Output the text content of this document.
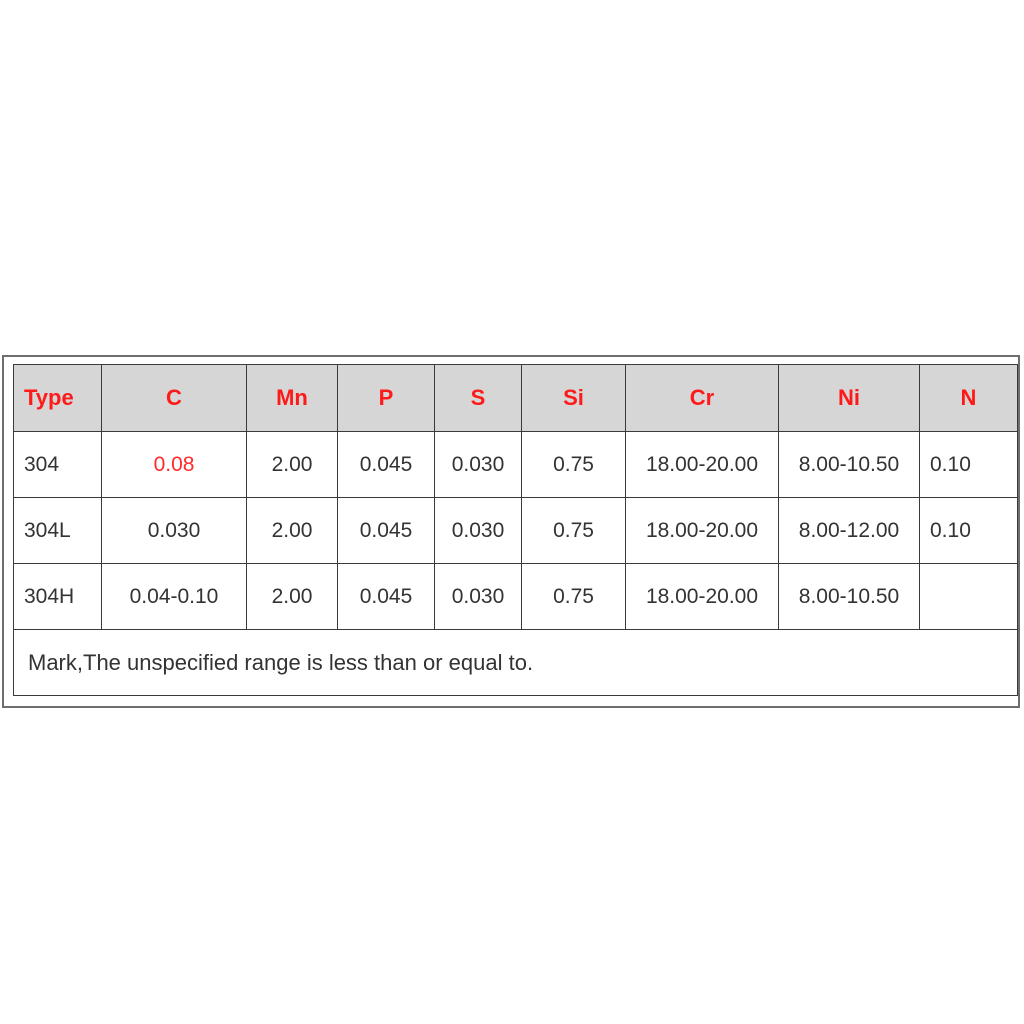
Type	C	Mn	P	S	Si	Cr	Ni	N
304	0.08	2.00	0.045	0.030	0.75	18.00-20.00	8.00-10.50	0.10
304L	0.030	2.00	0.045	0.030	0.75	18.00-20.00	8.00-12.00	0.10
304H	0.04-0.10	2.00	0.045	0.030	0.75	18.00-20.00	8.00-10.50	
Mark,The unspecified range is less than or equal to.								
